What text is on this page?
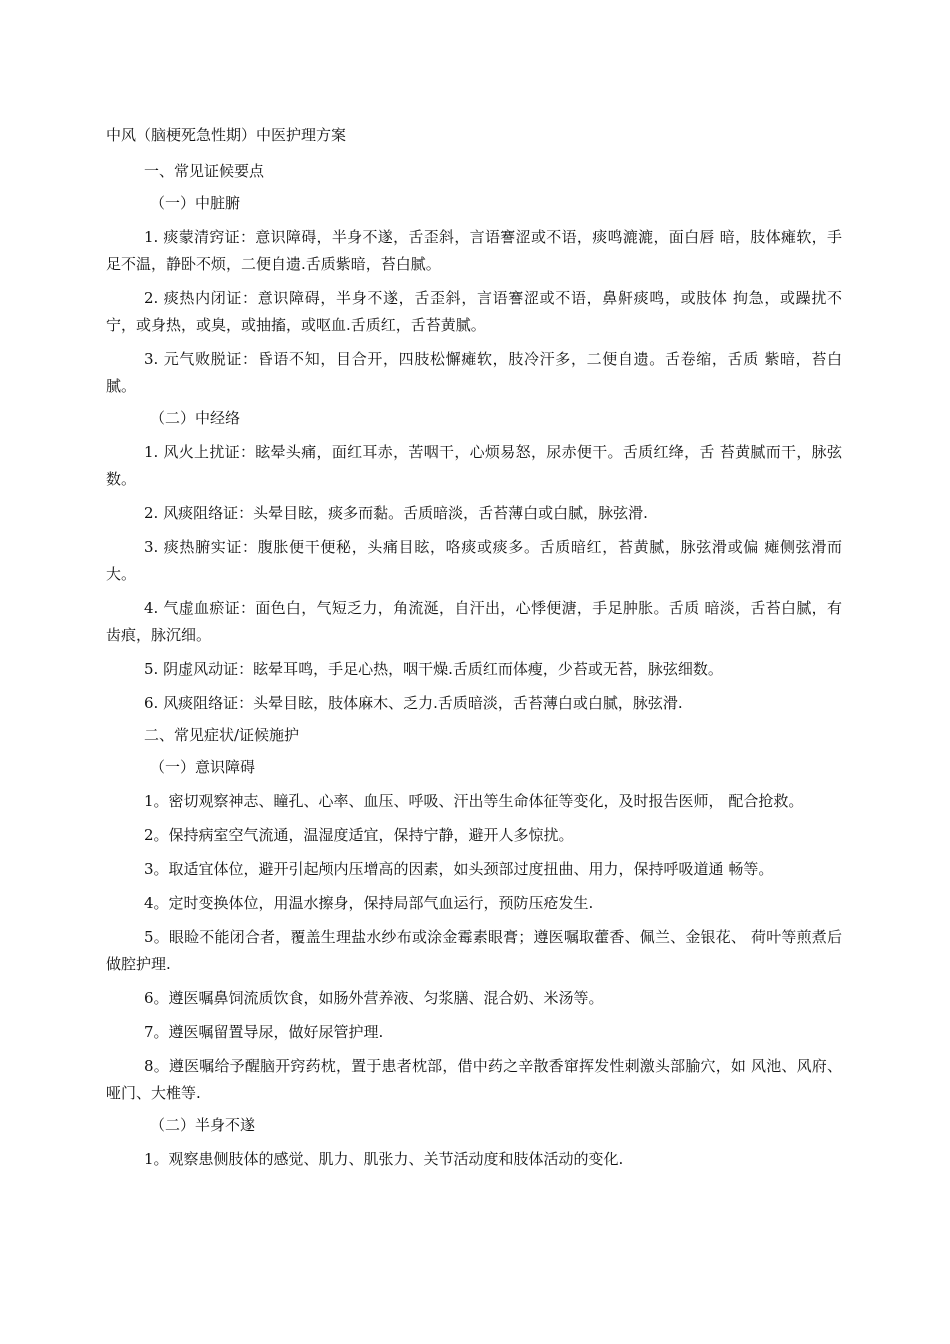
中风（脑梗死急性期）中医护理方案
一、常见证候要点
（一）中脏腑

1. 痰蒙清窍证：意识障碍，半身不遂，舌歪斜，言语謇涩或不语，痰鸣漉漉，面白唇 暗，肢体瘫软，手足不温，静卧不烦，二便自遗.舌质紫暗，苔白腻。

2. 痰热内闭证：意识障碍，半身不遂，舌歪斜，言语謇涩或不语，鼻鼾痰鸣，或肢体 拘急，或躁扰不宁，或身热，或臭，或抽搐，或呕血.舌质红，舌苔黄腻。

3. 元气败脱证：昏语不知，目合开，四肢松懈瘫软，肢冷汗多，二便自遗。舌卷缩，舌质 紫暗，苔白腻。

（二）中经络

1. 风火上扰证：眩晕头痛，面红耳赤，苦咽干，心烦易怒，尿赤便干。舌质红绛，舌 苔黄腻而干，脉弦数。

2. 风痰阻络证：头晕目眩，痰多而黏。舌质暗淡，舌苔薄白或白腻，脉弦滑.

3. 痰热腑实证：腹胀便干便秘，头痛目眩，咯痰或痰多。舌质暗红，苔黄腻，脉弦滑或偏 瘫侧弦滑而大。

4. 气虚血瘀证：面色白，气短乏力，角流涎，自汗出，心悸便溏，手足肿胀。舌质 暗淡，舌苔白腻，有齿痕，脉沉细。

5. 阴虚风动证：眩晕耳鸣，手足心热，咽干燥.舌质红而体瘦，少苔或无苔，脉弦细数。

6. 风痰阻络证：头晕目眩，肢体麻木、乏力.舌质暗淡，舌苔薄白或白腻，脉弦滑.

二、常见症状/证候施护
（一）意识障碍

1。密切观察神志、瞳孔、心率、血压、呼吸、汗出等生命体征等变化，及时报告医师， 配合抢救。

2。保持病室空气流通，温湿度适宜，保持宁静，避开人多惊扰。

3。取适宜体位，避开引起颅内压增高的因素，如头颈部过度扭曲、用力，保持呼吸道通 畅等。

4。定时变换体位，用温水擦身，保持局部气血运行，预防压疮发生.

5。眼睑不能闭合者，覆盖生理盐水纱布或涂金霉素眼膏；遵医嘱取藿香、佩兰、金银花、 荷叶等煎煮后做腔护理.

6。遵医嘱鼻饲流质饮食，如肠外营养液、匀浆膳、混合奶、米汤等。

7。遵医嘱留置导尿，做好尿管护理.

8。遵医嘱给予醒脑开窍药枕，置于患者枕部，借中药之辛散香窜挥发性刺激头部腧穴，如 风池、风府、哑门、大椎等.

（二）半身不遂

1。观察患侧肢体的感觉、肌力、肌张力、关节活动度和肢体活动的变化.
